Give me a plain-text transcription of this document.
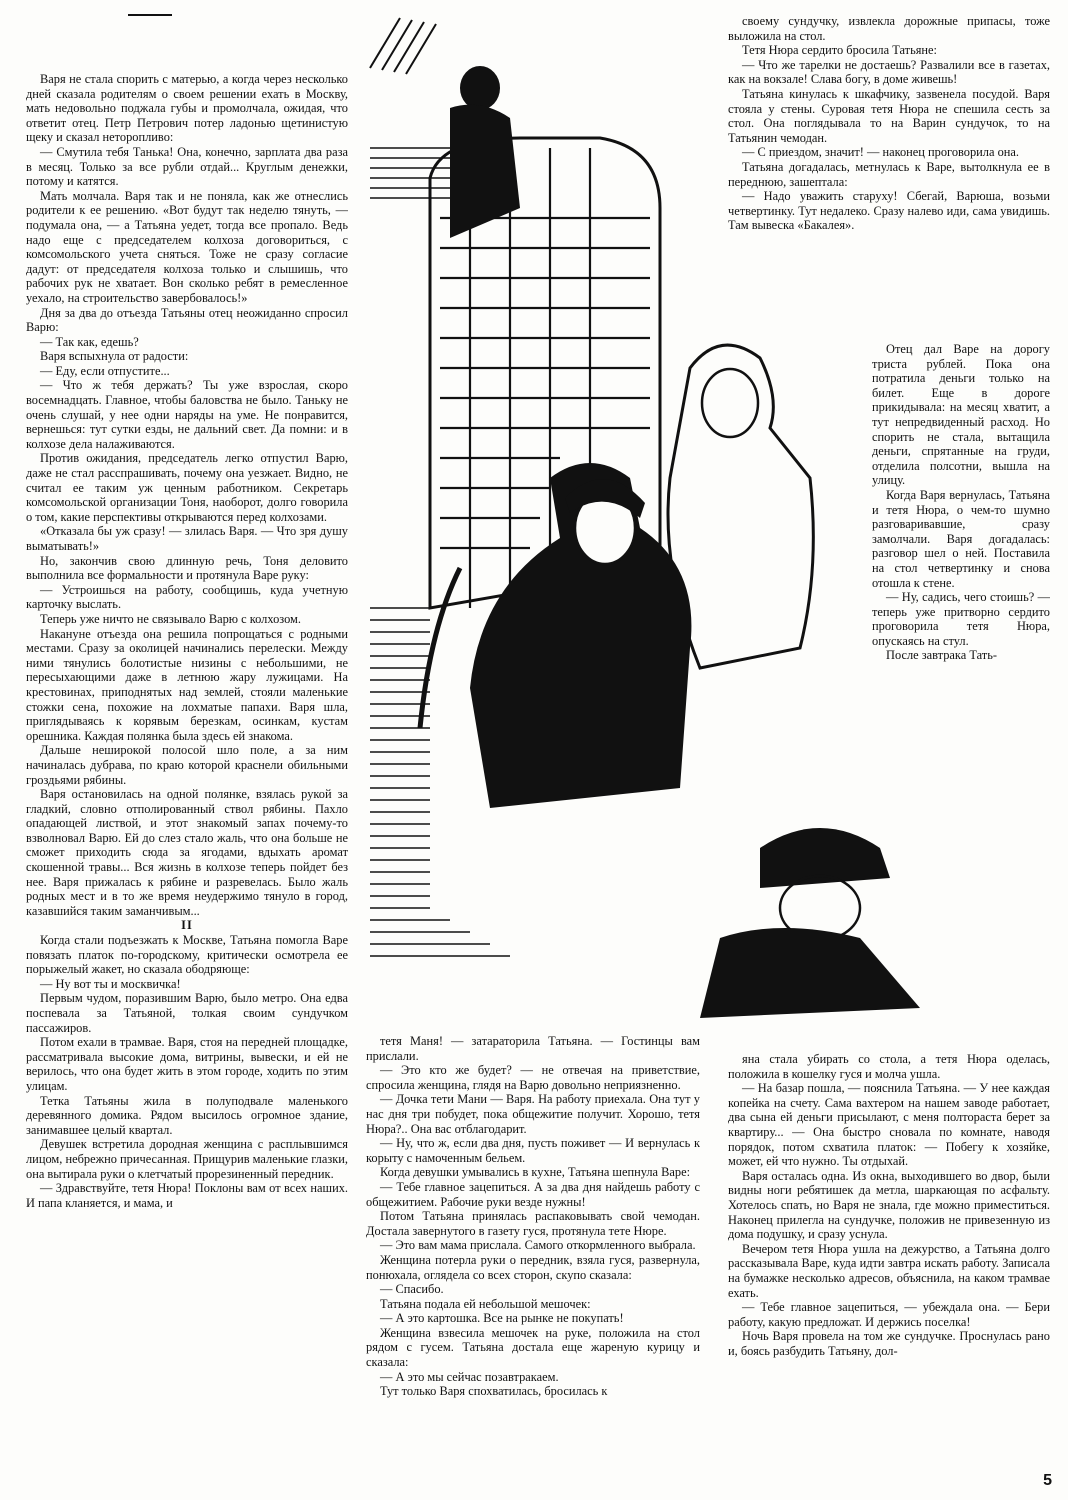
Варя не стала спорить с матерью, а когда через несколько дней сказала родителям о своем решении ехать в Москву, мать недовольно поджала губы и промолчала, ожидая, что ответит отец. Петр Петрович потер ладонью щетинистую щеку и сказал неторопливо:

— Смутила тебя Танька! Она, конечно, зарплата два раза в месяц. Только за все рубли отдай... Круглым денежки, потому и катятся.

Мать молчала. Варя так и не поняла, как же отнеслись родители к ее решению. «Вот будут так неделю тянуть, — подумала она, — а Татьяна уедет, тогда все пропало. Ведь надо еще с председателем колхоза договориться, с комсомольского учета сняться. Тоже не сразу согласие дадут: от председателя колхоза только и слышишь, что рабочих рук не хватает. Вон сколько ребят в ремесленное уехало, на строительство завербовалось!»

Дня за два до отъезда Татьяны отец неожиданно спросил Варю:

— Так как, едешь?

Варя вспыхнула от радости:

— Еду, если отпустите...

— Что ж тебя держать? Ты уже взрослая, скоро восемнадцать. Главное, чтобы баловства не было. Таньку не очень слушай, у нее одни наряды на уме. Не понравится, вернешься: тут сутки езды, не дальний свет. Да помни: и в колхозе дела налаживаются.

Против ожидания, председатель легко отпустил Варю, даже не стал расспрашивать, почему она уезжает. Видно, не считал ее таким уж ценным работником. Секретарь комсомольской организации Тоня, наоборот, долго говорила о том, какие перспективы открываются перед колхозами.

«Отказала бы уж сразу! — злилась Варя. — Что зря душу выматывать!»

Но, закончив свою длинную речь, Тоня деловито выполнила все формальности и протянула Варе руку:

— Устроишься на работу, сообщишь, куда учетную карточку выслать.

Теперь уже ничто не связывало Варю с колхозом.

Накануне отъезда она решила попрощаться с родными местами. Сразу за околицей начинались перелески. Между ними тянулись болотистые низины с небольшими, не пересыхающими даже в летнюю жару лужицами. На крестовинах, приподнятых над землей, стояли маленькие стожки сена, похожие на лохматые папахи. Варя шла, приглядываясь к корявым березкам, осинкам, кустам орешника. Каждая полянка была здесь ей знакома.

Дальше неширокой полосой шло поле, а за ним начиналась дубрава, по краю которой краснели обильными гроздьями рябины.

Варя остановилась на одной полянке, взялась рукой за гладкий, словно отполированный ствол рябины. Пахло опадающей листвой, и этот знакомый запах почему-то взволновал Варю. Ей до слез стало жаль, что она больше не сможет приходить сюда за ягодами, вдыхать аромат скошенной травы... Вся жизнь в колхозе теперь пойдет без нее. Варя прижалась к рябине и разревелась. Было жаль родных мест и в то же время неудержимо тянуло в город, казавшийся таким заманчивым...

II

Когда стали подъезжать к Москве, Татьяна помогла Варе повязать платок по-городскому, критически осмотрела ее порыжелый жакет, но сказала ободряюще:

— Ну вот ты и москвичка!

Первым чудом, поразившим Варю, было метро. Она едва поспевала за Татьяной, толкая своим сундучком пассажиров.

Потом ехали в трамвае. Варя, стоя на передней площадке, рассматривала высокие дома, витрины, вывески, и ей не верилось, что она будет жить в этом городе, ходить по этим улицам.

Тетка Татьяны жила в полуподвале маленького деревянного домика. Рядом высилось огромное здание, занимавшее целый квартал.

Девушек встретила дородная женщина с расплывшимся лицом, небрежно причесанная. Прищурив маленькие глазки, она вытирала руки о клетчатый прорезиненный передник.

— Здравствуйте, тетя Нюра! Поклоны вам от всех наших. И папа кланяется, и мама, и

тетя Маня! — затараторила Татьяна. — Гостинцы вам прислали.

— Это кто же будет? — не отвечая на приветствие, спросила женщина, глядя на Варю довольно неприязненно.

— Дочка тети Мани — Варя. На работу приехала. Она тут у нас дня три побудет, пока общежитие получит. Хорошо, тетя Нюра?.. Она вас отблагодарит.

— Ну, что ж, если два дня, пусть поживет — И вернулась к корыту с намоченным бельем.

Когда девушки умывались в кухне, Татьяна шепнула Варе:

— Тебе главное зацепиться. А за два дня найдешь работу с общежитием. Рабочие руки везде нужны!

Потом Татьяна принялась распаковывать свой чемодан. Достала завернутого в газету гуся, протянула тете Нюре.

— Это вам мама прислала. Самого откормленного выбрала.

Женщина потерла руки о передник, взяла гуся, развернула, понюхала, оглядела со всех сторон, скупо сказала:

— Спасибо.

Татьяна подала ей небольшой мешочек:

— А это картошка. Все на рынке не покупать!

Женщина взвесила мешочек на руке, положила на стол рядом с гусем. Татьяна достала еще жареную курицу и сказала:

— А это мы сейчас позавтракаем.

Тут только Варя спохватилась, бросилась к

своему сундучку, извлекла дорожные припасы, тоже выложила на стол.

Тетя Нюра сердито бросила Татьяне:

— Что же тарелки не достаешь? Развалили все в газетах, как на вокзале! Слава богу, в доме живешь!

Татьяна кинулась к шкафчику, зазвенела посудой. Варя стояла у стены. Суровая тетя Нюра не спешила сесть за стол. Она поглядывала то на Варин сундучок, то на Татьянин чемодан.

— С приездом, значит! — наконец проговорила она.

Татьяна догадалась, метнулась к Варе, вытолкнула ее в переднюю, зашептала:

— Надо уважить старуху! Сбегай, Варюша, возьми четвертинку. Тут недалеко. Сразу налево иди, сама увидишь. Там вывеска «Бакалея».

Отец дал Варе на дорогу триста рублей. Пока она потратила деньги только на билет. Еще в дороге прикидывала: на месяц хватит, а тут непредвиденный расход. Но спорить не стала, вытащила деньги, спрятанные на груди, отделила полсотни, вышла на улицу.

Когда Варя вернулась, Татьяна и тетя Нюра, о чем-то шумно разговаривавшие, сразу замолчали. Варя догадалась: разговор шел о ней. Поставила на стол четвертинку и снова отошла к стене.

— Ну, садись, чего стоишь? — теперь уже притворно сердито проговорила тетя Нюра, опускаясь на стул.

После завтрака Тать-

яна стала убирать со стола, а тетя Нюра оделась, положила в кошелку гуся и молча ушла.

— На базар пошла, — пояснила Татьяна. — У нее каждая копейка на счету. Сама вахтером на нашем заводе работает, два сына ей деньги присылают, с меня полтораста берет за квартиру... — Она быстро сновала по комнате, наводя порядок, потом схватила платок: — Побегу к хозяйке, может, ей что нужно. Ты отдыхай.

Варя осталась одна. Из окна, выходившего во двор, были видны ноги ребятишек да метла, шаркающая по асфальту. Хотелось спать, но Варя не знала, где можно приместиться. Наконец прилегла на сундучке, положив не привезенную из дома подушку, и сразу уснула.

Вечером тетя Нюра ушла на дежурство, а Татьяна долго рассказывала Варе, куда идти завтра искать работу. Записала на бумажке несколько адресов, объяснила, на каком трамвае ехать.

— Тебе главное зацепиться, — убеждала она. — Бери работу, какую предложат. И держись поселка!

Ночь Варя провела на том же сундучке. Проснулась рано и, боясь разбудить Татьяну, дол-

5
